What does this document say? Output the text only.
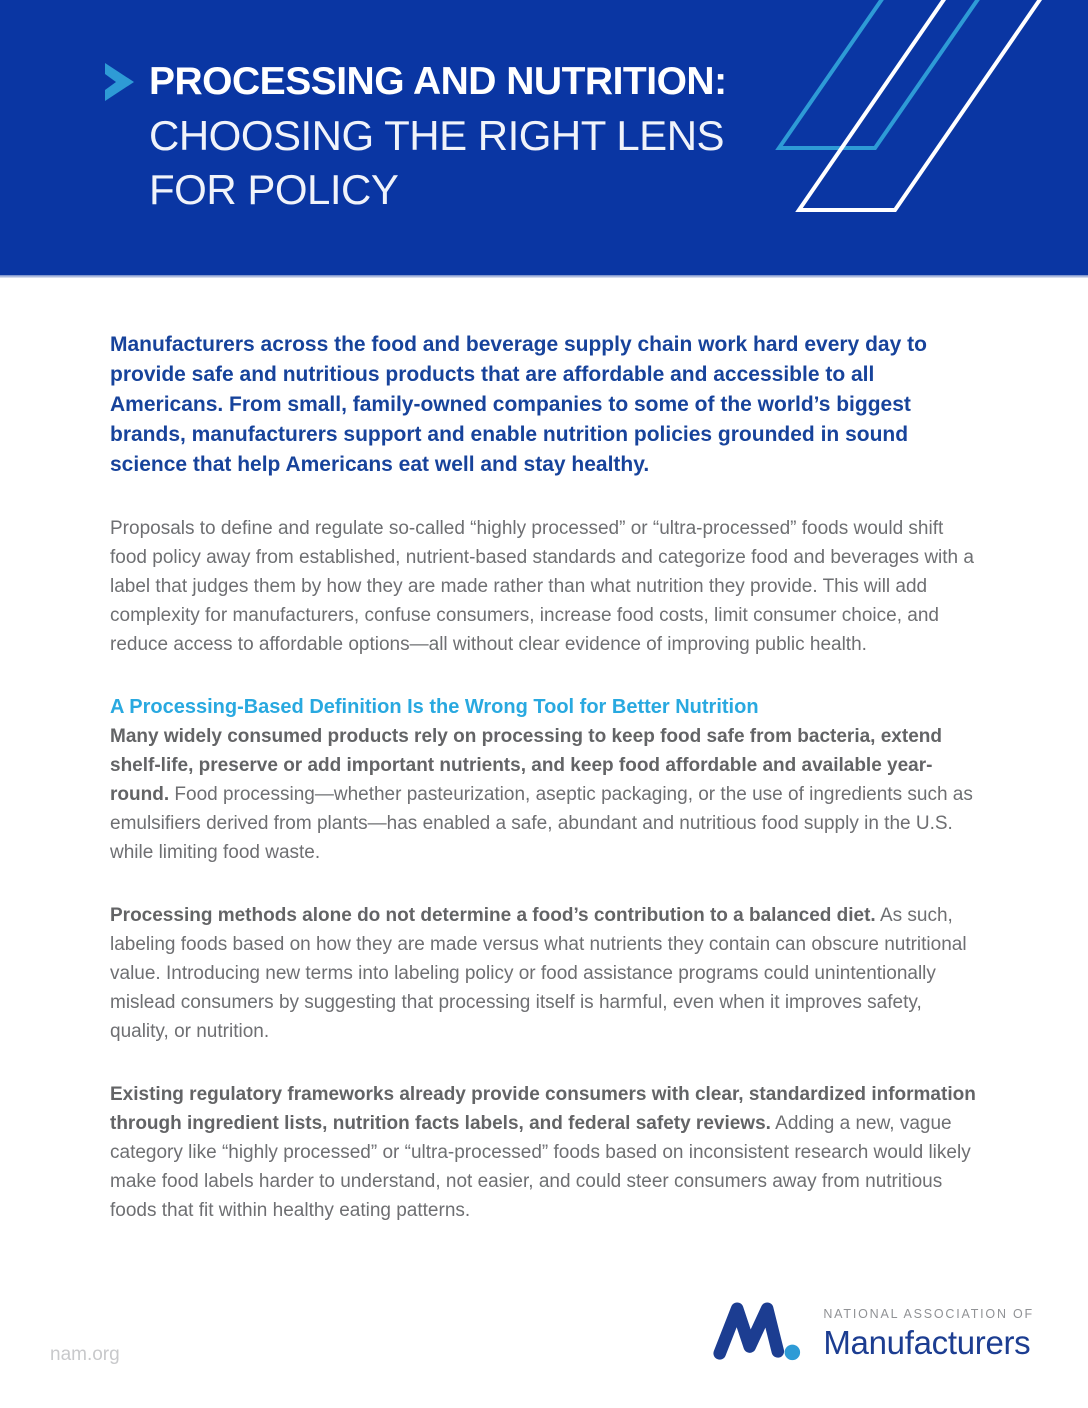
PROCESSING AND NUTRITION:
CHOOSING THE RIGHT LENS
FOR POLICY

Manufacturers across the food and beverage supply chain work hard every day to provide safe and nutritious products that are affordable and accessible to all Americans. From small, family-owned companies to some of the world’s biggest brands, manufacturers support and enable nutrition policies grounded in sound science that help Americans eat well and stay healthy.

Proposals to define and regulate so-called “highly processed” or “ultra-processed” foods would shift food policy away from established, nutrient-based standards and categorize food and beverages with a label that judges them by how they are made rather than what nutrition they provide. This will add complexity for manufacturers, confuse consumers, increase food costs, limit consumer choice, and reduce access to affordable options—all without clear evidence of improving public health.

A Processing-Based Definition Is the Wrong Tool for Better Nutrition

Many widely consumed products rely on processing to keep food safe from bacteria, extend shelf-life, preserve or add important nutrients, and keep food affordable and available year-round. Food processing—whether pasteurization, aseptic packaging, or the use of ingredients such as emulsifiers derived from plants—has enabled a safe, abundant and nutritious food supply in the U.S. while limiting food waste.

Processing methods alone do not determine a food’s contribution to a balanced diet. As such, labeling foods based on how they are made versus what nutrients they contain can obscure nutritional value. Introducing new terms into labeling policy or food assistance programs could unintentionally mislead consumers by suggesting that processing itself is harmful, even when it improves safety, quality, or nutrition.

Existing regulatory frameworks already provide consumers with clear, standardized information through ingredient lists, nutrition facts labels, and federal safety reviews. Adding a new, vague category like “highly processed” or “ultra-processed” foods based on inconsistent research would likely make food labels harder to understand, not easier, and could steer consumers away from nutritious foods that fit within healthy eating patterns.

nam.org
NATIONAL ASSOCIATION OF
Manufacturers
